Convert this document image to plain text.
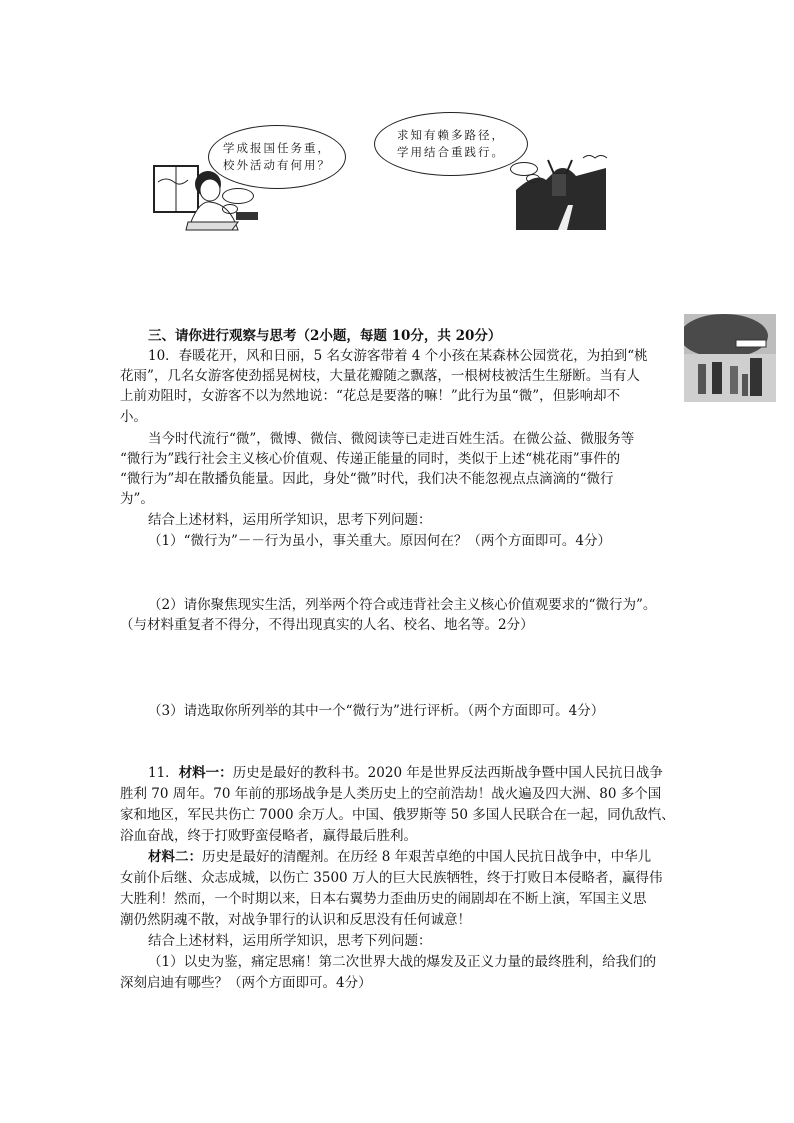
学成报国任务重，
校外活动有何用？
求知有赖多路径，
学用结合重践行。
三、请你进行观察与思考（2小题，每题 10分，共 20分）
10．春暖花开，风和日丽，5 名女游客带着 4 个小孩在某森林公园赏花，为拍到“桃
花雨”，几名女游客使劲摇晃树枝，大量花瓣随之飘落，一根树枝被活生生掰断。当有人
上前劝阻时，女游客不以为然地说：“花总是要落的嘛！”此行为虽“微”，但影响却不
小。
当今时代流行“微”，微博、微信、微阅读等已走进百姓生活。在微公益、微服务等
“微行为”践行社会主义核心价值观、传递正能量的同时，类似于上述“桃花雨”事件的
“微行为”却在散播负能量。因此，身处“微”时代，我们决不能忽视点点滴滴的“微行
为”。
结合上述材料，运用所学知识，思考下列问题：
（1）“微行为”－－行为虽小，事关重大。原因何在？（两个方面即可。4分）
（2）请你聚焦现实生活，列举两个符合或违背社会主义核心价值观要求的“微行为”。
（与材料重复者不得分，不得出现真实的人名、校名、地名等。2分）
（3）请选取你所列举的其中一个“微行为”进行评析。（两个方面即可。4分）
11．材料一：历史是最好的教科书。2020 年是世界反法西斯战争暨中国人民抗日战争
胜利 70 周年。70 年前的那场战争是人类历史上的空前浩劫！战火遍及四大洲、80 多个国
家和地区，军民共伤亡 7000 余万人。中国、俄罗斯等 50 多国人民联合在一起，同仇敌忾、
浴血奋战，终于打败野蛮侵略者，赢得最后胜利。
材料二：历史是最好的清醒剂。在历经 8 年艰苦卓绝的中国人民抗日战争中，中华儿
女前仆后继、众志成城，以伤亡 3500 万人的巨大民族牺牲，终于打败日本侵略者，赢得伟
大胜利！然而，一个时期以来，日本右翼势力歪曲历史的闹剧却在不断上演，军国主义思
潮仍然阴魂不散，对战争罪行的认识和反思没有任何诚意！
结合上述材料，运用所学知识，思考下列问题：
（1）以史为鉴，痛定思痛！第二次世界大战的爆发及正义力量的最终胜利，给我们的
深刻启迪有哪些？（两个方面即可。4分）
